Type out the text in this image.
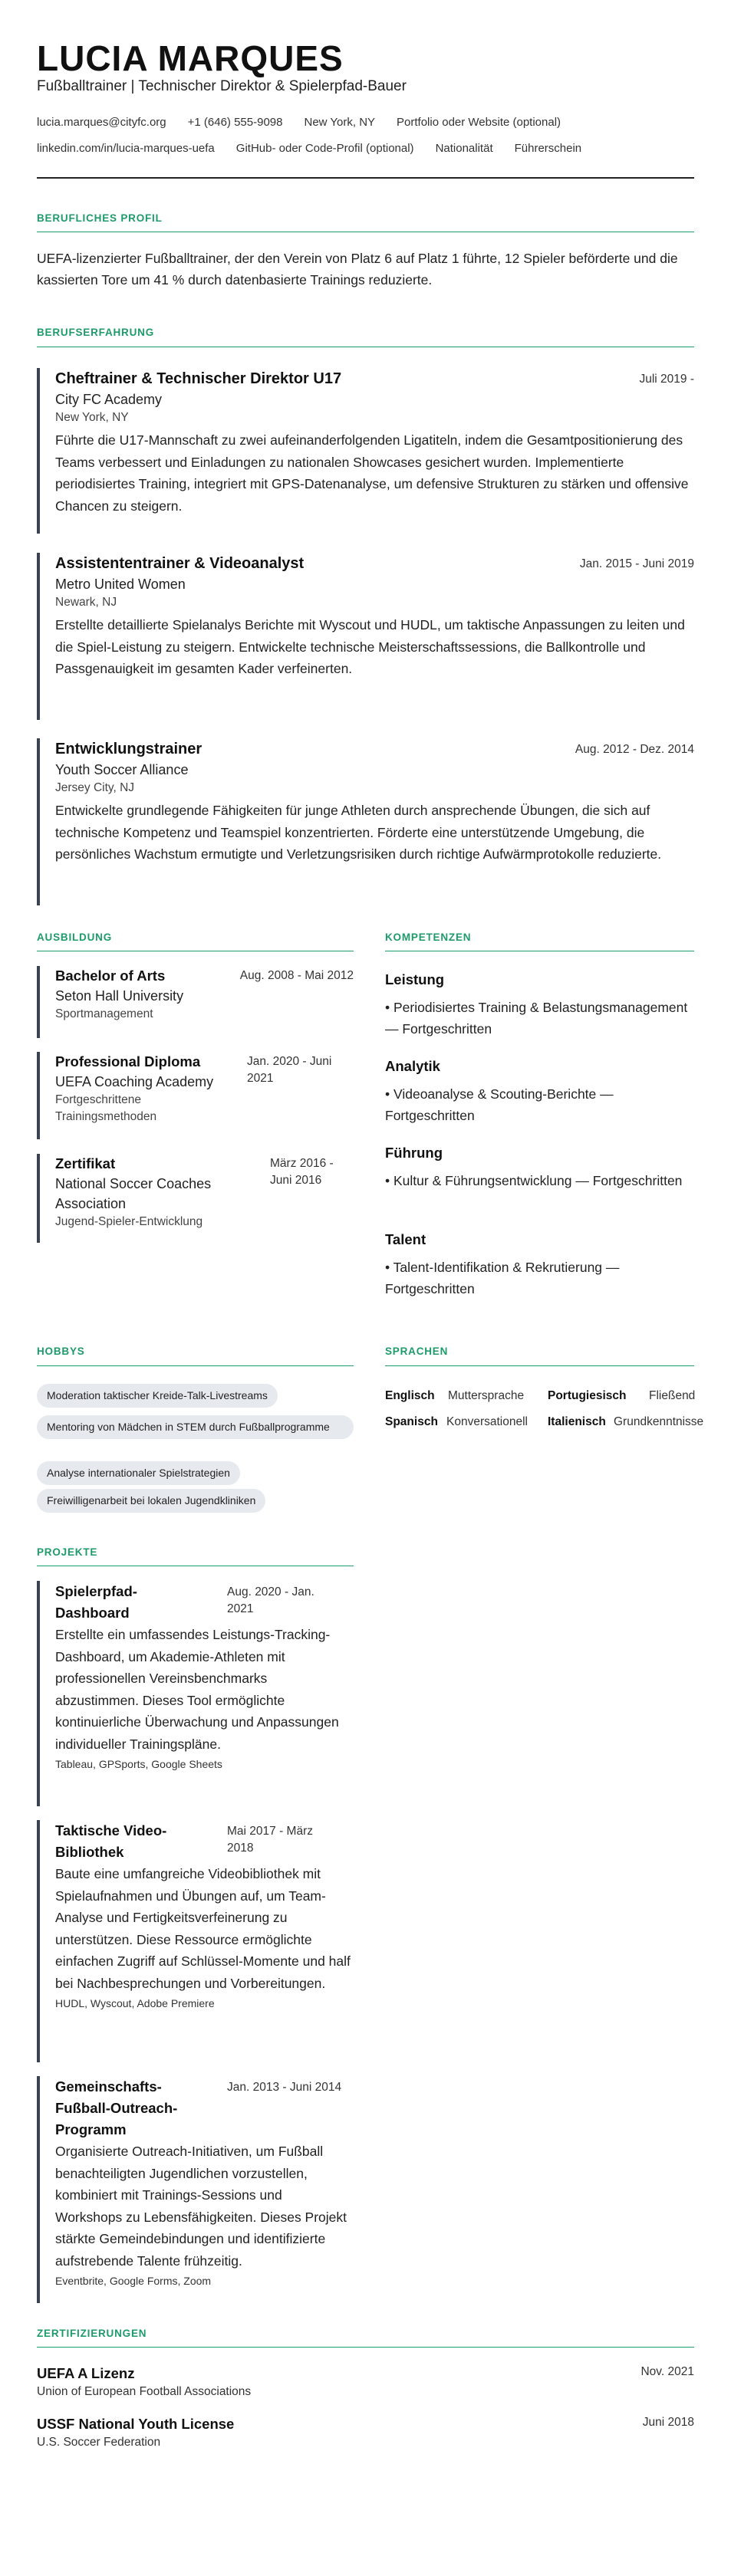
LUCIA MARQUES
Fußballtrainer | Technischer Direktor & Spielerpfad-Bauer
lucia.marques@cityfc.org +1 (646) 555-9098 New York, NY Portfolio oder Website (optional)
linkedin.com/in/lucia-marques-uefa GitHub- oder Code-Profil (optional) Nationalität Führerschein
BERUFLICHES PROFIL
UEFA-lizenzierter Fußballtrainer, der den Verein von Platz 6 auf Platz 1 führte, 12 Spieler beförderte und die kassierten Tore um 41 % durch datenbasierte Trainings reduzierte.
BERUFSERFAHRUNG
Juli 2019 -
Cheftrainer & Technischer Direktor U17
City FC Academy
New York, NY
Führte die U17-Mannschaft zu zwei aufeinanderfolgenden Ligatiteln, indem die Gesamtpositionierung des Teams verbessert und Einladungen zu nationalen Showcases gesichert wurden. Implementierte periodisiertes Training, integriert mit GPS-Datenanalyse, um defensive Strukturen zu stärken und offensive Chancen zu steigern.
Jan. 2015 - Juni 2019
Assistententrainer & Videoanalyst
Metro United Women
Newark, NJ
Erstellte detaillierte Spielanalys Berichte mit Wyscout und HUDL, um taktische Anpassungen zu leiten und die Spiel-Leistung zu steigern. Entwickelte technische Meisterschaftssessions, die Ballkontrolle und Passgenauigkeit im gesamten Kader verfeinerten.
Aug. 2012 - Dez. 2014
Entwicklungstrainer
Youth Soccer Alliance
Jersey City, NJ
Entwickelte grundlegende Fähigkeiten für junge Athleten durch ansprechende Übungen, die sich auf technische Kompetenz und Teamspiel konzentrierten. Förderte eine unterstützende Umgebung, die persönliches Wachstum ermutigte und Verletzungsrisiken durch richtige Aufwärmprotokolle reduzierte.
AUSBILDUNG
Aug. 2008 - Mai 2012
Bachelor of Arts
Seton Hall University
Sportmanagement
Jan. 2020 - Juni 2021
Professional Diploma
UEFA Coaching Academy
Fortgeschrittene Trainingsmethoden
März 2016 - Juni 2016
Zertifikat
National Soccer Coaches Association
Jugend-Spieler-Entwicklung
KOMPETENZEN
Leistung
• Periodisiertes Training & Belastungsmanagement — Fortgeschritten
Analytik
• Videoanalyse & Scouting-Berichte — Fortgeschritten
Führung
• Kultur & Führungsentwicklung — Fortgeschritten
Talent
• Talent-Identifikation & Rekrutierung — Fortgeschritten
HOBBYS
Moderation taktischer Kreide-Talk-Livestreams
Mentoring von Mädchen in STEM durch Fußballprogramme
Analyse internationaler Spielstrategien
Freiwilligenarbeit bei lokalen Jugendkliniken
SPRACHEN
Englisch Muttersprache Portugiesisch Fließend
Spanisch Konversationell Italienisch Grundkenntnisse
PROJEKTE
Aug. 2020 - Jan. 2021
Spielerpfad-Dashboard
Erstellte ein umfassendes Leistungs-Tracking-Dashboard, um Akademie-Athleten mit professionellen Vereinsbenchmarks abzustimmen. Dieses Tool ermöglichte kontinuierliche Überwachung und Anpassungen individueller Trainingspläne.
Tableau, GPSports, Google Sheets
Mai 2017 - März 2018
Taktische Video-Bibliothek
Baute eine umfangreiche Videobibliothek mit Spielaufnahmen und Übungen auf, um Team-Analyse und Fertigkeitsverfeinerung zu unterstützen. Diese Ressource ermöglichte einfachen Zugriff auf Schlüssel-Momente und half bei Nachbesprechungen und Vorbereitungen.
HUDL, Wyscout, Adobe Premiere
Jan. 2013 - Juni 2014
Gemeinschafts-Fußball-Outreach-Programm
Organisierte Outreach-Initiativen, um Fußball benachteiligten Jugendlichen vorzustellen, kombiniert mit Trainings-Sessions und Workshops zu Lebensfähigkeiten. Dieses Projekt stärkte Gemeindebindungen und identifizierte aufstrebende Talente frühzeitig.
Eventbrite, Google Forms, Zoom
ZERTIFIZIERUNGEN
UEFA A Lizenz	Nov. 2021
Union of European Football Associations
USSF National Youth License	Juni 2018
U.S. Soccer Federation
